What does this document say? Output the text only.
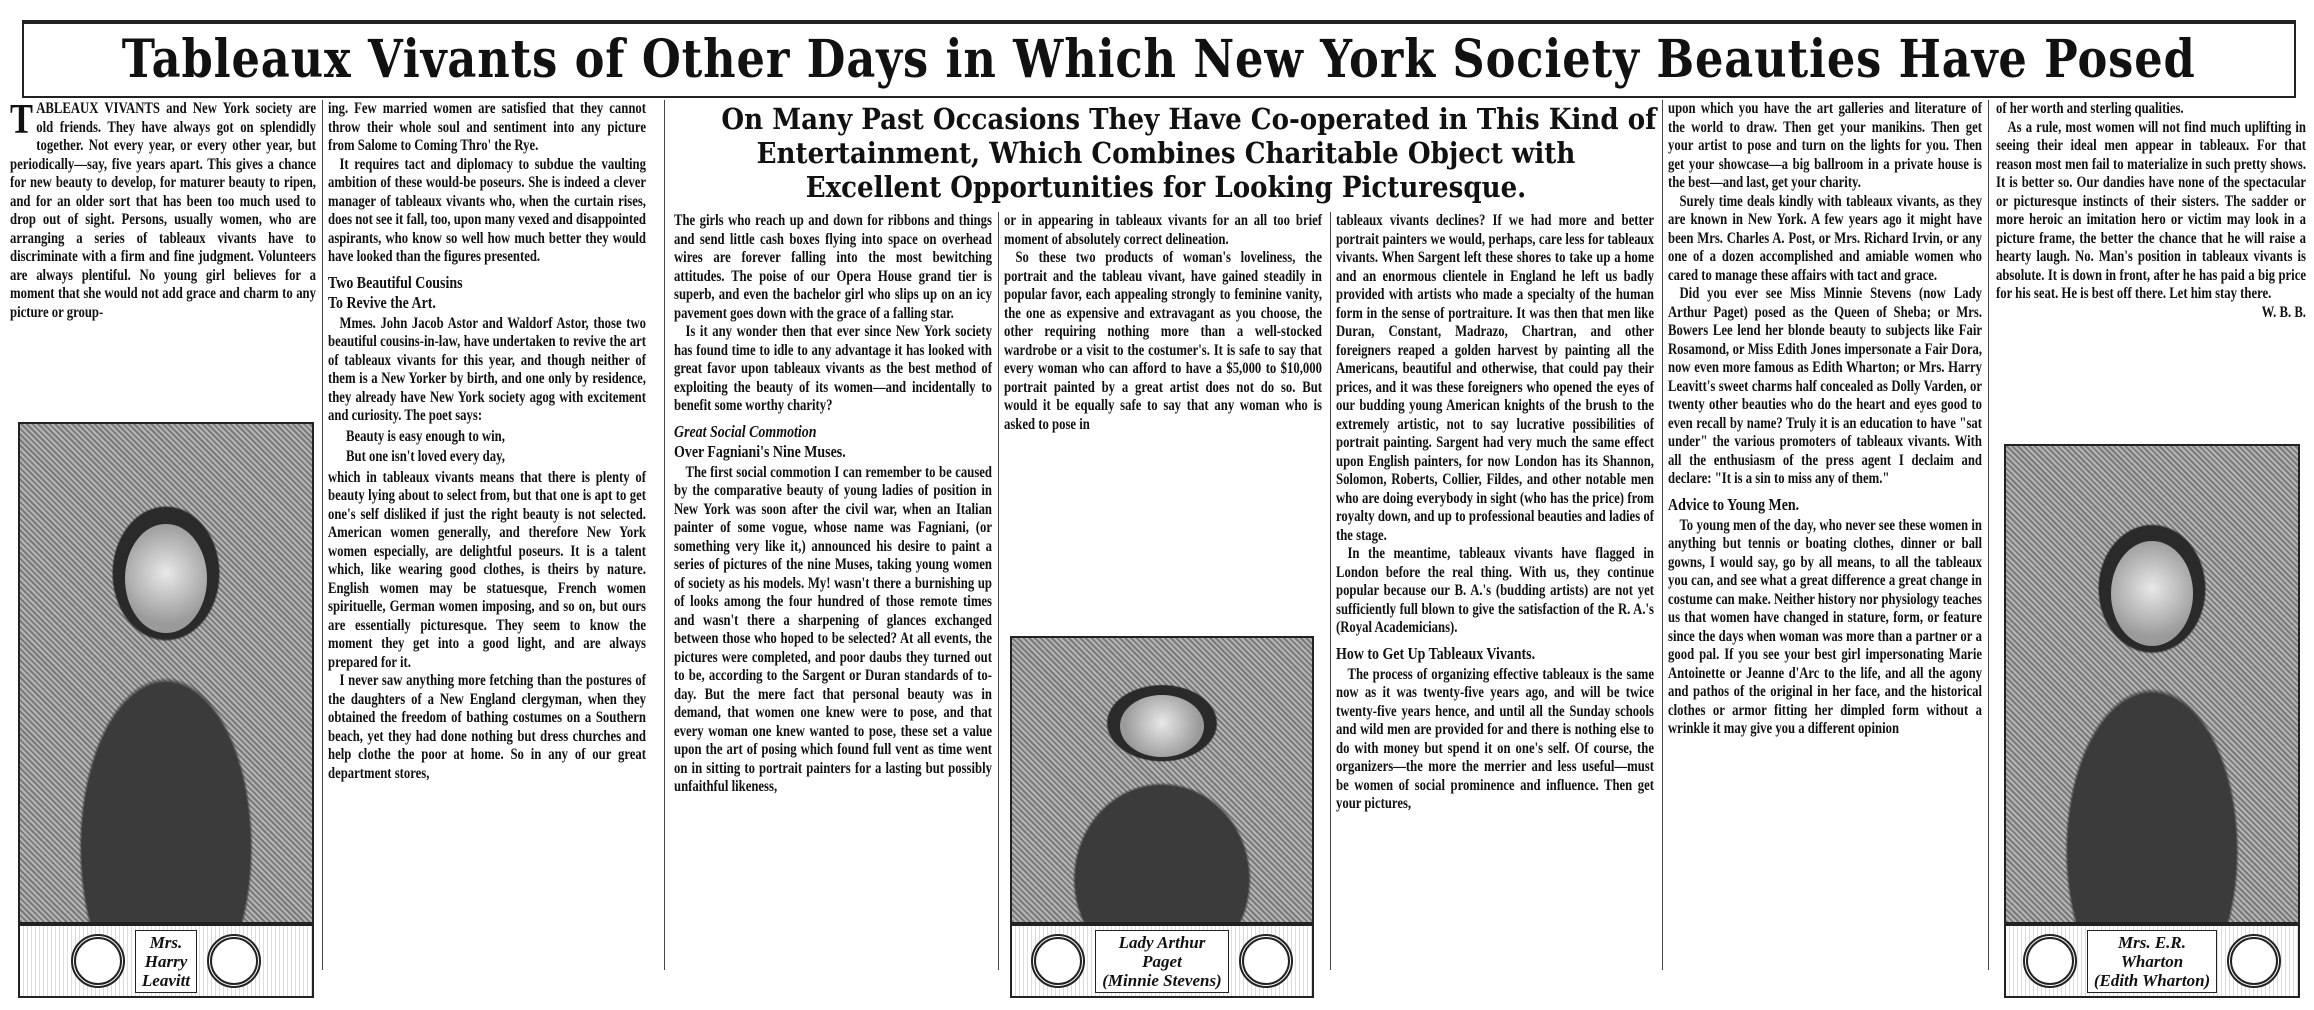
Tableaux Vivants of Other Days in Which New York Society Beauties Have Posed
On Many Past Occasions They Have Co-operated in This Kind of
Entertainment, Which Combines Charitable Object with
Excellent Opportunities for Looking Picturesque.

TABLEAUX VIVANTS and New York society are old friends. They have always got on splendidly together. Not every year, or every other year, but periodically—say, five years apart. This gives a chance for new beauty to develop, for maturer beauty to ripen, and for an older sort that has been too much used to drop out of sight. Persons, usually women, who are arranging a series of tableaux vivants have to discriminate with a firm and fine judgment. Volunteers are always plentiful. No young girl believes for a moment that she would not add grace and charm to any picture or group-

ing. Few married women are satisfied that they cannot throw their whole soul and sentiment into any picture from Salome to Coming Thro' the Rye.

It requires tact and diplomacy to subdue the vaulting ambition of these would-be poseurs. She is indeed a clever manager of tableaux vivants who, when the curtain rises, does not see it fall, too, upon many vexed and disappointed aspirants, who know so well how much better they would have looked than the figures presented.

Two Beautiful Cousins
To Revive the Art.

Mmes. John Jacob Astor and Waldorf Astor, those two beautiful cousins-in-law, have undertaken to revive the art of tableaux vivants for this year, and though neither of them is a New Yorker by birth, and one only by residence, they already have New York society agog with excitement and curiosity. The poet says:

Beauty is easy enough to win,

But one isn't loved every day,

which in tableaux vivants means that there is plenty of beauty lying about to select from, but that one is apt to get one's self disliked if just the right beauty is not selected. American women generally, and therefore New York women especially, are delightful poseurs. It is a talent which, like wearing good clothes, is theirs by nature. English women may be statuesque, French women spirituelle, German women imposing, and so on, but ours are essentially picturesque. They seem to know the moment they get into a good light, and are always prepared for it.

I never saw anything more fetching than the postures of the daughters of a New England clergyman, when they obtained the freedom of bathing costumes on a Southern beach, yet they had done nothing but dress churches and help clothe the poor at home. So in any of our great department stores,

The girls who reach up and down for ribbons and things and send little cash boxes flying into space on overhead wires are forever falling into the most bewitching attitudes. The poise of our Opera House grand tier is superb, and even the bachelor girl who slips up on an icy pavement goes down with the grace of a falling star.

Is it any wonder then that ever since New York society has found time to idle to any advantage it has looked with great favor upon tableaux vivants as the best method of exploiting the beauty of its women—and incidentally to benefit some worthy charity?

Great Social Commotion
Over Fagniani's Nine Muses.

The first social commotion I can remember to be caused by the comparative beauty of young ladies of position in New York was soon after the civil war, when an Italian painter of some vogue, whose name was Fagniani, (or something very like it,) announced his desire to paint a series of pictures of the nine Muses, taking young women of society as his models. My! wasn't there a burnishing up of looks among the four hundred of those remote times and wasn't there a sharpening of glances exchanged between those who hoped to be selected? At all events, the pictures were completed, and poor daubs they turned out to be, according to the Sargent or Duran standards of to-day. But the mere fact that personal beauty was in demand, that women one knew were to pose, and that every woman one knew wanted to pose, these set a value upon the art of posing which found full vent as time went on in sitting to portrait painters for a lasting but possibly unfaithful likeness,

or in appearing in tableaux vivants for an all too brief moment of absolutely correct delineation.

So these two products of woman's loveliness, the portrait and the tableau vivant, have gained steadily in popular favor, each appealing strongly to feminine vanity, the one as expensive and extravagant as you choose, the other requiring nothing more than a well-stocked wardrobe or a visit to the costumer's. It is safe to say that every woman who can afford to have a $5,000 to $10,000 portrait painted by a great artist does not do so. But would it be equally safe to say that any woman who is asked to pose in

tableaux vivants declines? If we had more and better portrait painters we would, perhaps, care less for tableaux vivants. When Sargent left these shores to take up a home and an enormous clientele in England he left us badly provided with artists who made a specialty of the human form in the sense of portraiture. It was then that men like Duran, Constant, Madrazo, Chartran, and other foreigners reaped a golden harvest by painting all the Americans, beautiful and otherwise, that could pay their prices, and it was these foreigners who opened the eyes of our budding young American knights of the brush to the extremely artistic, not to say lucrative possibilities of portrait painting. Sargent had very much the same effect upon English painters, for now London has its Shannon, Solomon, Roberts, Collier, Fildes, and other notable men who are doing everybody in sight (who has the price) from royalty down, and up to professional beauties and ladies of the stage.

In the meantime, tableaux vivants have flagged in London before the real thing. With us, they continue popular because our B. A.'s (budding artists) are not yet sufficiently full blown to give the satisfaction of the R. A.'s (Royal Academicians).

How to Get Up Tableaux Vivants.

The process of organizing effective tableaux is the same now as it was twenty-five years ago, and will be twice twenty-five years hence, and until all the Sunday schools and wild men are provided for and there is nothing else to do with money but spend it on one's self. Of course, the organizers—the more the merrier and less useful—must be women of social prominence and influence. Then get your pictures,

upon which you have the art galleries and literature of the world to draw. Then get your manikins. Then get your artist to pose and turn on the lights for you. Then get your showcase—a big ballroom in a private house is the best—and last, get your charity.

Surely time deals kindly with tableaux vivants, as they are known in New York. A few years ago it might have been Mrs. Charles A. Post, or Mrs. Richard Irvin, or any one of a dozen accomplished and amiable women who cared to manage these affairs with tact and grace.

Did you ever see Miss Minnie Stevens (now Lady Arthur Paget) posed as the Queen of Sheba; or Mrs. Bowers Lee lend her blonde beauty to subjects like Fair Rosamond, or Miss Edith Jones impersonate a Fair Dora, now even more famous as Edith Wharton; or Mrs. Harry Leavitt's sweet charms half concealed as Dolly Varden, or twenty other beauties who do the heart and eyes good to even recall by name? Truly it is an education to have "sat under" the various promoters of tableaux vivants. With all the enthusiasm of the press agent I declaim and declare: "It is a sin to miss any of them."

Advice to Young Men.

To young men of the day, who never see these women in anything but tennis or boating clothes, dinner or ball gowns, I would say, go by all means, to all the tableaux you can, and see what a great difference a great change in costume can make. Neither history nor physiology teaches us that women have changed in stature, form, or feature since the days when woman was more than a partner or a good pal. If you see your best girl impersonating Marie Antoinette or Jeanne d'Arc to the life, and all the agony and pathos of the original in her face, and the historical clothes or armor fitting her dimpled form without a wrinkle it may give you a different opinion

of her worth and sterling qualities.

As a rule, most women will not find much uplifting in seeing their ideal men appear in tableaux. For that reason most men fail to materialize in such pretty shows. It is better so. Our dandies have none of the spectacular or picturesque instincts of their sisters. The sadder or more heroic an imitation hero or victim may look in a picture frame, the better the chance that he will raise a hearty laugh. No. Man's position in tableaux vivants is absolute. It is down in front, after he has paid a big price for his seat. He is best off there. Let him stay there.

W. B. B.

Mrs.
Harry
Leavitt
Lady Arthur
Paget
(Minnie Stevens)
Mrs. E.R.
Wharton
(Edith Wharton)
